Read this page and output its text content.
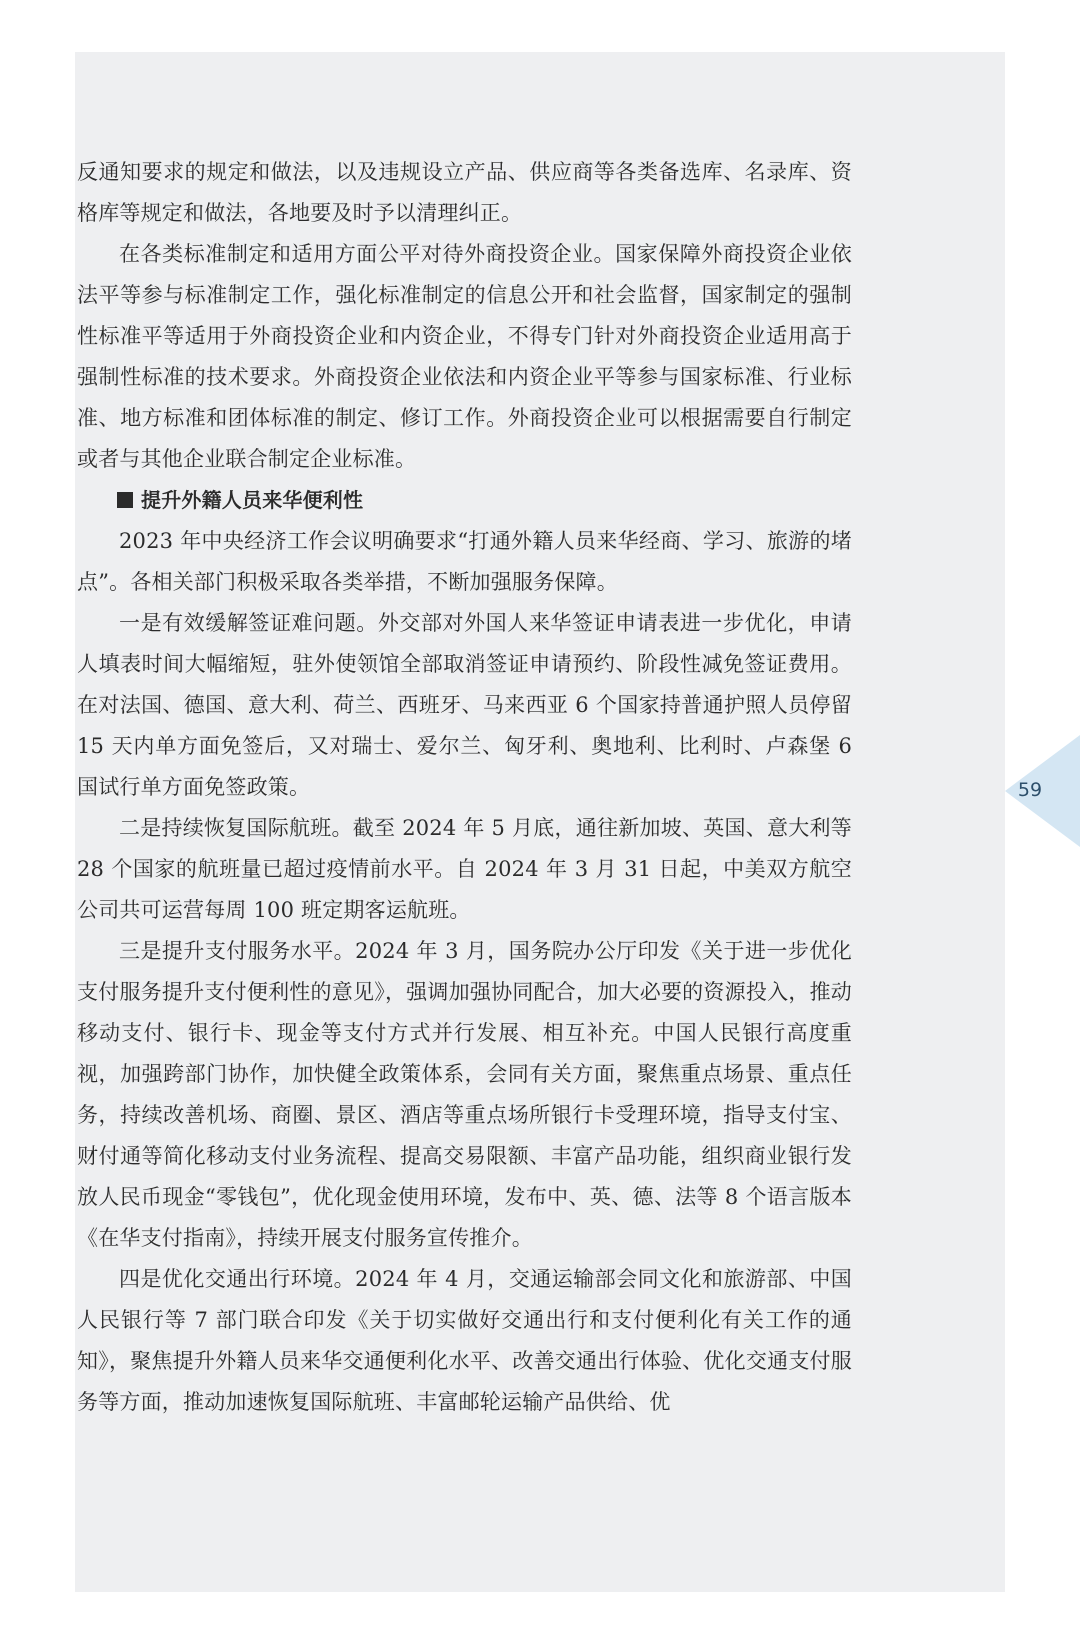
反通知要求的规定和做法，以及违规设立产品、供应商等各类备选库、名录库、资格库等规定和做法，各地要及时予以清理纠正。

在各类标准制定和适用方面公平对待外商投资企业。国家保障外商投资企业依法平等参与标准制定工作，强化标准制定的信息公开和社会监督，国家制定的强制性标准平等适用于外商投资企业和内资企业，不得专门针对外商投资企业适用高于强制性标准的技术要求。外商投资企业依法和内资企业平等参与国家标准、行业标准、地方标准和团体标准的制定、修订工作。外商投资企业可以根据需要自行制定或者与其他企业联合制定企业标准。

提升外籍人员来华便利性

2023 年中央经济工作会议明确要求“打通外籍人员来华经商、学习、旅游的堵点”。各相关部门积极采取各类举措，不断加强服务保障。

一是有效缓解签证难问题。外交部对外国人来华签证申请表进一步优化，申请人填表时间大幅缩短，驻外使领馆全部取消签证申请预约、阶段性减免签证费用。在对法国、德国、意大利、荷兰、西班牙、马来西亚 6 个国家持普通护照人员停留 15 天内单方面免签后，又对瑞士、爱尔兰、匈牙利、奥地利、比利时、卢森堡 6 国试行单方面免签政策。

二是持续恢复国际航班。截至 2024 年 5 月底，通往新加坡、英国、意大利等 28 个国家的航班量已超过疫情前水平。自 2024 年 3 月 31 日起，中美双方航空公司共可运营每周 100 班定期客运航班。

三是提升支付服务水平。2024 年 3 月，国务院办公厅印发《关于进一步优化支付服务提升支付便利性的意见》，强调加强协同配合，加大必要的资源投入，推动移动支付、银行卡、现金等支付方式并行发展、相互补充。中国人民银行高度重视，加强跨部门协作，加快健全政策体系，会同有关方面，聚焦重点场景、重点任务，持续改善机场、商圈、景区、酒店等重点场所银行卡受理环境，指导支付宝、财付通等简化移动支付业务流程、提高交易限额、丰富产品功能，组织商业银行发放人民币现金“零钱包”，优化现金使用环境，发布中、英、德、法等 8 个语言版本《在华支付指南》，持续开展支付服务宣传推介。

四是优化交通出行环境。2024 年 4 月，交通运输部会同文化和旅游部、中国人民银行等 7 部门联合印发《关于切实做好交通出行和支付便利化有关工作的通知》，聚焦提升外籍人员来华交通便利化水平、改善交通出行体验、优化交通支付服务等方面，推动加速恢复国际航班、丰富邮轮运输产品供给、优

59
